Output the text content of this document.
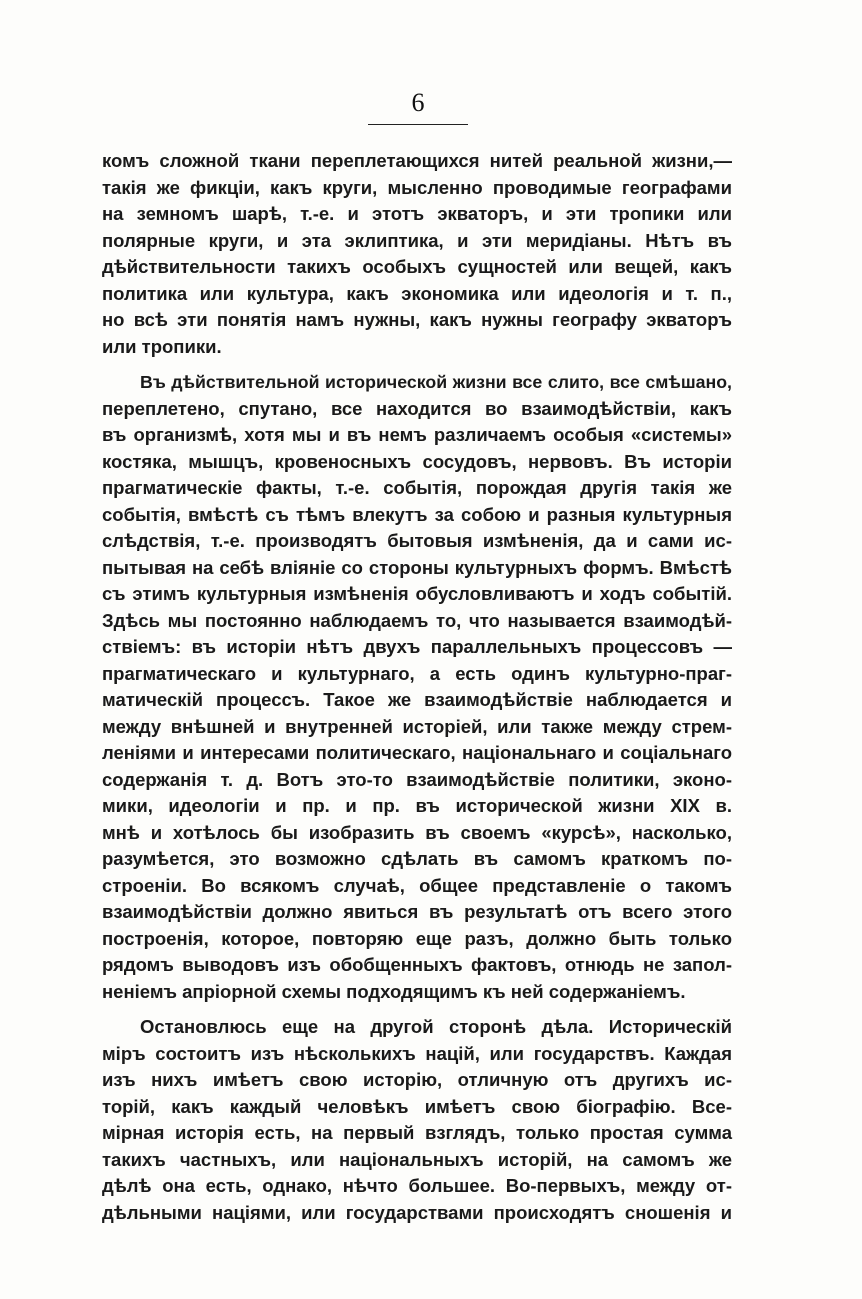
6
комъ сложной ткани переплетающихся нитей реальной жизни,—
такія же фикціи, какъ круги, мысленно проводимые географами
на земномъ шарѣ, т.-е. и этотъ экваторъ, и эти тропики или
полярные круги, и эта эклиптика, и эти меридіаны. Нѣтъ въ
дѣйствительности такихъ особыхъ сущностей или вещей, какъ
политика или культура, какъ экономика или идеологія и т. п.,
но всѣ эти понятія намъ нужны, какъ нужны географу экваторъ
или тропики.
Въ дѣйствительной исторической жизни все слито, все смѣшано,
переплетено, спутано, все находится во взаимодѣйствіи, какъ
въ организмѣ, хотя мы и въ немъ различаемъ особыя «системы»
костяка, мышцъ, кровеносныхъ сосудовъ, нервовъ. Въ исторіи
прагматическіе факты, т.-е. событія, порождая другія такія же
событія, вмѣстѣ съ тѣмъ влекутъ за собою и разныя культурныя
слѣдствія, т.-е. производятъ бытовыя измѣненія, да и сами ис-
пытывая на себѣ вліяніе со стороны культурныхъ формъ. Вмѣстѣ
съ этимъ культурныя измѣненія обусловливаютъ и ходъ событій.
Здѣсь мы постоянно наблюдаемъ то, что называется взаимодѣй-
ствіемъ: въ исторіи нѣтъ двухъ параллельныхъ процессовъ —
прагматическаго и культурнаго, а есть одинъ культурно-праг-
матическій процессъ. Такое же взаимодѣйствіе наблюдается и
между внѣшней и внутренней исторіей, или также между стрем-
леніями и интересами политическаго, національнаго и соціальнаго
содержанія т. д. Вотъ это-то взаимодѣйствіе политики, эконо-
мики, идеологіи и пр. и пр. въ исторической жизни XIX в.
мнѣ и хотѣлось бы изобразить въ своемъ «курсѣ», насколько,
разумѣется, это возможно сдѣлать въ самомъ краткомъ по-
строеніи. Во всякомъ случаѣ, общее представленіе о такомъ
взаимодѣйствіи должно явиться въ результатѣ отъ всего этого
построенія, которое, повторяю еще разъ, должно быть только
рядомъ выводовъ изъ обобщенныхъ фактовъ, отнюдь не запол-
неніемъ апріорной схемы подходящимъ къ ней содержаніемъ.
Остановлюсь еще на другой сторонѣ дѣла. Историческій
міръ состоитъ изъ нѣсколькихъ націй, или государствъ. Каждая
изъ нихъ имѣетъ свою исторію, отличную отъ другихъ ис-
торій, какъ каждый человѣкъ имѣетъ свою біографію. Все-
мірная исторія есть, на первый взглядъ, только простая сумма
такихъ частныхъ, или національныхъ исторій, на самомъ же
дѣлѣ она есть, однако, нѣчто большее. Во-первыхъ, между от-
дѣльными націями, или государствами происходятъ сношенія и
